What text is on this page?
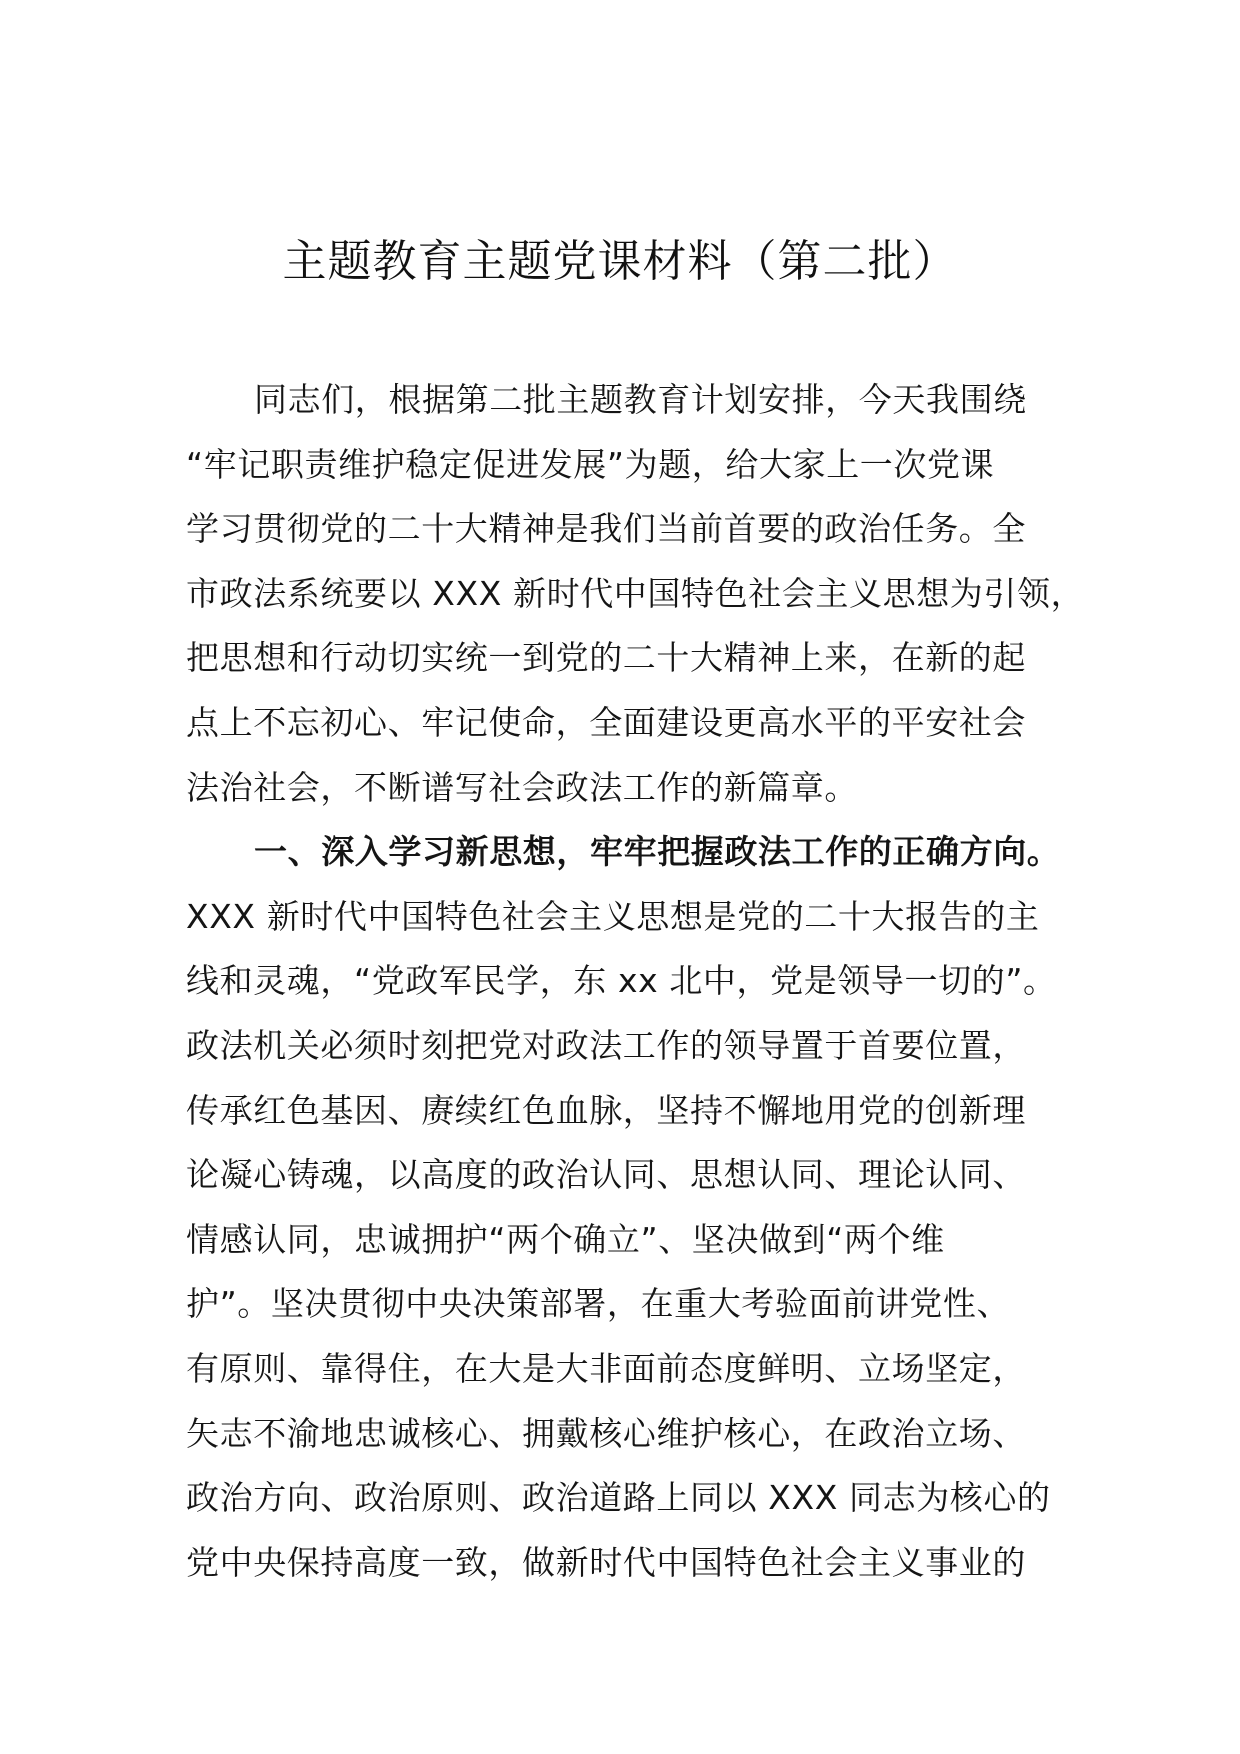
主题教育主题党课材料（第二批）
同志们，根据第二批主题教育计划安排，今天我围绕
“牢记职责维护稳定促进发展”为题，给大家上一次党课
学习贯彻党的二十大精神是我们当前首要的政治任务。全
市政法系统要以 XXX 新时代中国特色社会主义思想为引领，
把思想和行动切实统一到党的二十大精神上来，在新的起
点上不忘初心、牢记使命，全面建设更高水平的平安社会
法治社会，不断谱写社会政法工作的新篇章。
一、深入学习新思想，牢牢把握政法工作的正确方向。
XXX 新时代中国特色社会主义思想是党的二十大报告的主
线和灵魂，“党政军民学，东 xx 北中，党是领导一切的”。
政法机关必须时刻把党对政法工作的领导置于首要位置，
传承红色基因、赓续红色血脉，坚持不懈地用党的创新理
论凝心铸魂，以高度的政治认同、思想认同、理论认同、
情感认同，忠诚拥护“两个确立”、坚决做到“两个维
护”。坚决贯彻中央决策部署，在重大考验面前讲党性、
有原则、靠得住，在大是大非面前态度鲜明、立场坚定，
矢志不渝地忠诚核心、拥戴核心维护核心，在政治立场、
政治方向、政治原则、政治道路上同以 XXX 同志为核心的
党中央保持高度一致，做新时代中国特色社会主义事业的
